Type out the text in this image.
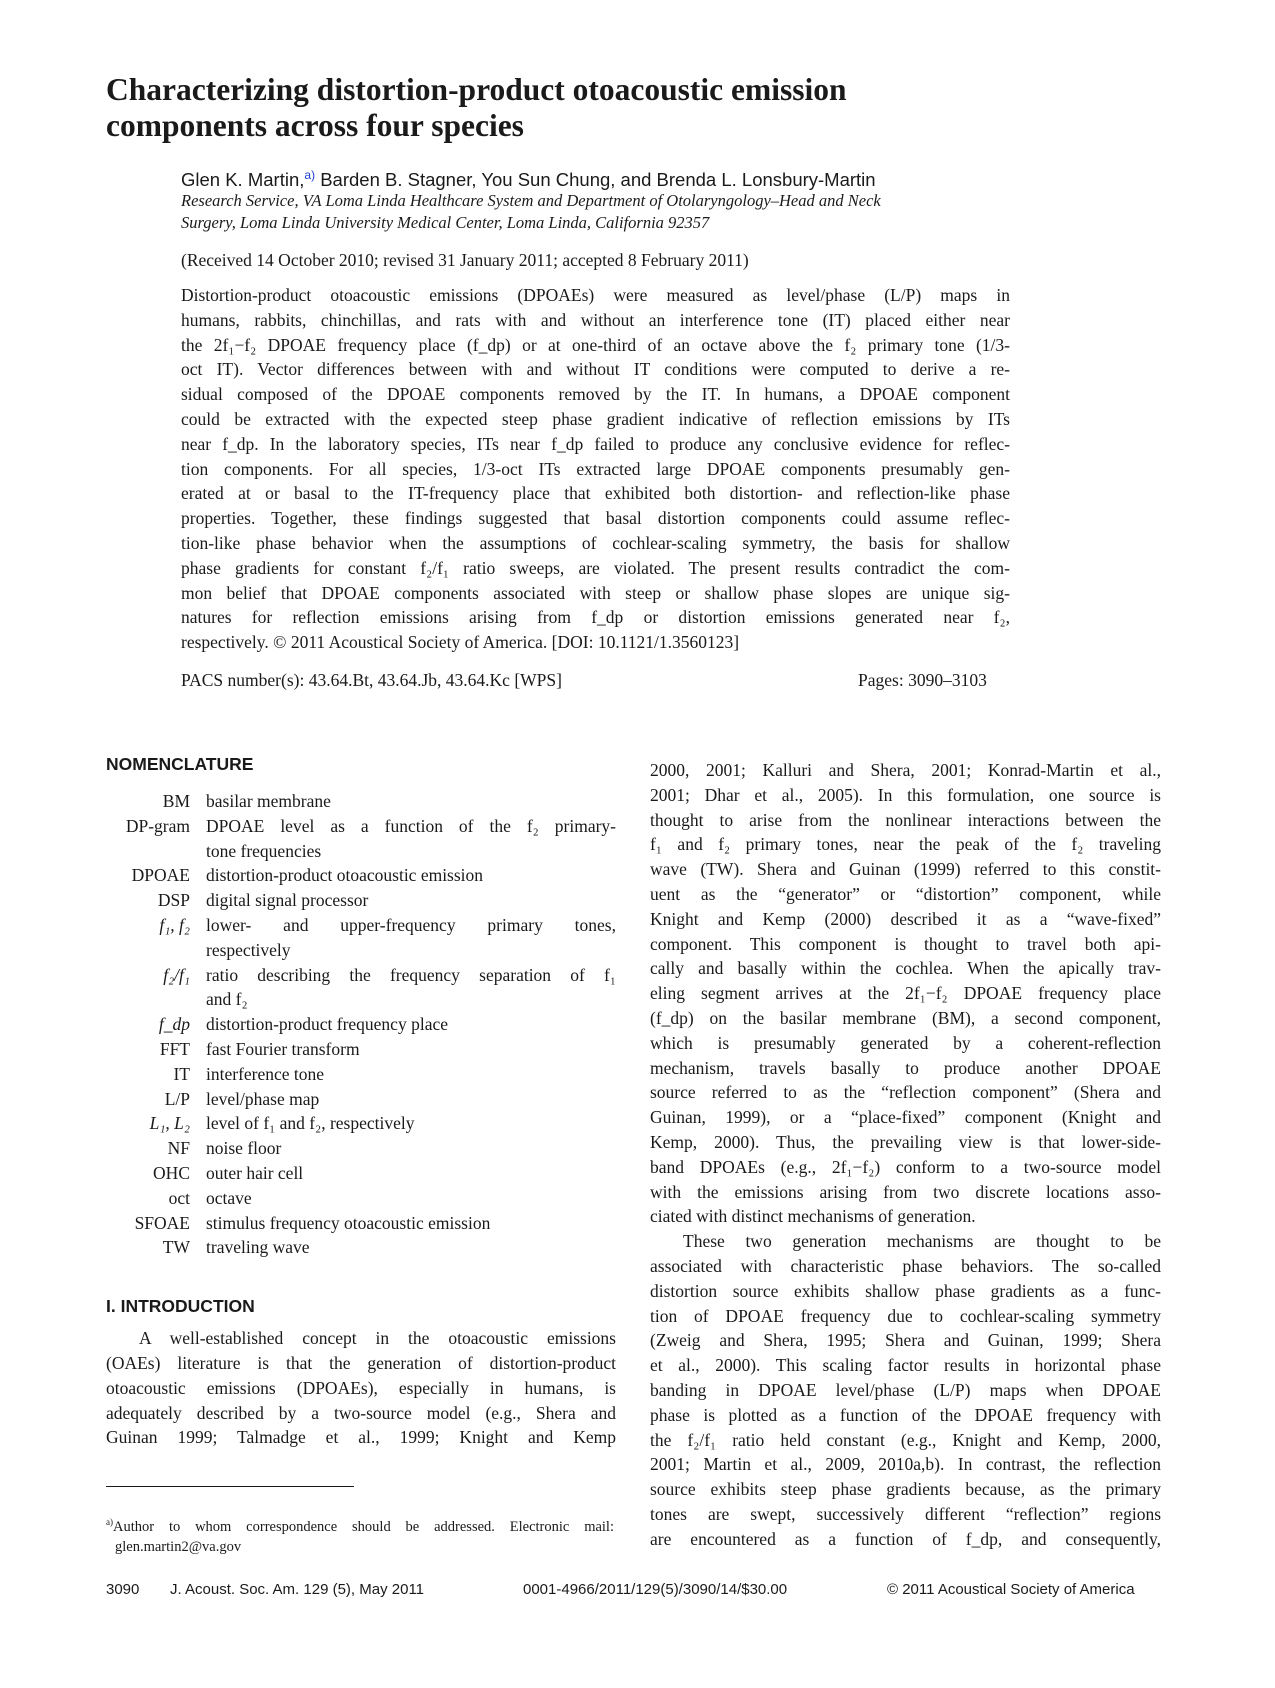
Characterizing distortion-product otoacoustic emission
components across four species
Glen K. Martin,$^{a)}$ Barden B. Stagner, You Sun Chung, and Brenda L. Lonsbury-Martin
Research Service, VA Loma Linda Healthcare System and Department of Otolaryngology–Head and Neck
Surgery, Loma Linda University Medical Center, Loma Linda, California 92357
(Received 14 October 2010; revised 31 January 2011; accepted 8 February 2011)
Distortion-product otoacoustic emissions (DPOAEs) were measured as level/phase (L/P) maps in
humans, rabbits, chinchillas, and rats with and without an interference tone (IT) placed either near
the 2f₁−f₂ DPOAE frequency place (f_dp) or at one-third of an octave above the f₂ primary tone (1/3-
oct IT). Vector differences between with and without IT conditions were computed to derive a re-
sidual composed of the DPOAE components removed by the IT. In humans, a DPOAE component
could be extracted with the expected steep phase gradient indicative of reflection emissions by ITs
near f_dp. In the laboratory species, ITs near f_dp failed to produce any conclusive evidence for reflec-
tion components. For all species, 1/3-oct ITs extracted large DPOAE components presumably gen-
erated at or basal to the IT-frequency place that exhibited both distortion- and reflection-like phase
properties. Together, these findings suggested that basal distortion components could assume reflec-
tion-like phase behavior when the assumptions of cochlear-scaling symmetry, the basis for shallow
phase gradients for constant f₂/f₁ ratio sweeps, are violated. The present results contradict the com-
mon belief that DPOAE components associated with steep or shallow phase slopes are unique sig-
natures for reflection emissions arising from f_dp or distortion emissions generated near f₂,
respectively. © 2011 Acoustical Society of America. [DOI: 10.1121/1.3560123]
PACS number(s): 43.64.Bt, 43.64.Jb, 43.64.Kc [WPS]	Pages: 3090–3103
NOMENCLATURE
BM basilar membrane
DP-gram DPOAE level as a function of the f₂ primary-
tone frequencies
DPOAE distortion-product otoacoustic emission
DSP digital signal processor
f₁, f₂ lower- and upper-frequency primary tones,
respectively
f₂/f₁ ratio describing the frequency separation of f₁
and f₂
f_dp distortion-product frequency place
FFT fast Fourier transform
IT interference tone
L/P level/phase map
L₁, L₂ level of f₁ and f₂, respectively
NF noise floor
OHC outer hair cell
oct octave
SFOAE stimulus frequency otoacoustic emission
TW traveling wave
I. INTRODUCTION
A well-established concept in the otoacoustic emissions
(OAEs) literature is that the generation of distortion-product
otoacoustic emissions (DPOAEs), especially in humans, is
adequately described by a two-source model (e.g., Shera and
Guinan 1999; Talmadge et al., 1999; Knight and Kemp
$^{a)}$Author to whom correspondence should be addressed. Electronic mail:
glen.martin2@va.gov
2000, 2001; Kalluri and Shera, 2001; Konrad-Martin et al.,
2001; Dhar et al., 2005). In this formulation, one source is
thought to arise from the nonlinear interactions between the
f₁ and f₂ primary tones, near the peak of the f₂ traveling
wave (TW). Shera and Guinan (1999) referred to this constit-
uent as the “generator” or “distortion” component, while
Knight and Kemp (2000) described it as a “wave-fixed”
component. This component is thought to travel both api-
cally and basally within the cochlea. When the apically trav-
eling segment arrives at the 2f₁−f₂ DPOAE frequency place
(f_dp) on the basilar membrane (BM), a second component,
which is presumably generated by a coherent-reflection
mechanism, travels basally to produce another DPOAE
source referred to as the “reflection component” (Shera and
Guinan, 1999), or a “place-fixed” component (Knight and
Kemp, 2000). Thus, the prevailing view is that lower-side-
band DPOAEs (e.g., 2f₁−f₂) conform to a two-source model
with the emissions arising from two discrete locations asso-
ciated with distinct mechanisms of generation.
These two generation mechanisms are thought to be
associated with characteristic phase behaviors. The so-called
distortion source exhibits shallow phase gradients as a func-
tion of DPOAE frequency due to cochlear-scaling symmetry
(Zweig and Shera, 1995; Shera and Guinan, 1999; Shera
et al., 2000). This scaling factor results in horizontal phase
banding in DPOAE level/phase (L/P) maps when DPOAE
phase is plotted as a function of the DPOAE frequency with
the f₂/f₁ ratio held constant (e.g., Knight and Kemp, 2000,
2001; Martin et al., 2009, 2010a,b). In contrast, the reflection
source exhibits steep phase gradients because, as the primary
tones are swept, successively different “reflection” regions
are encountered as a function of f_dp, and consequently,
3090 J. Acoust. Soc. Am. 129 (5), May 2011	0001-4966/2011/129(5)/3090/14/$30.00	© 2011 Acoustical Society of America
